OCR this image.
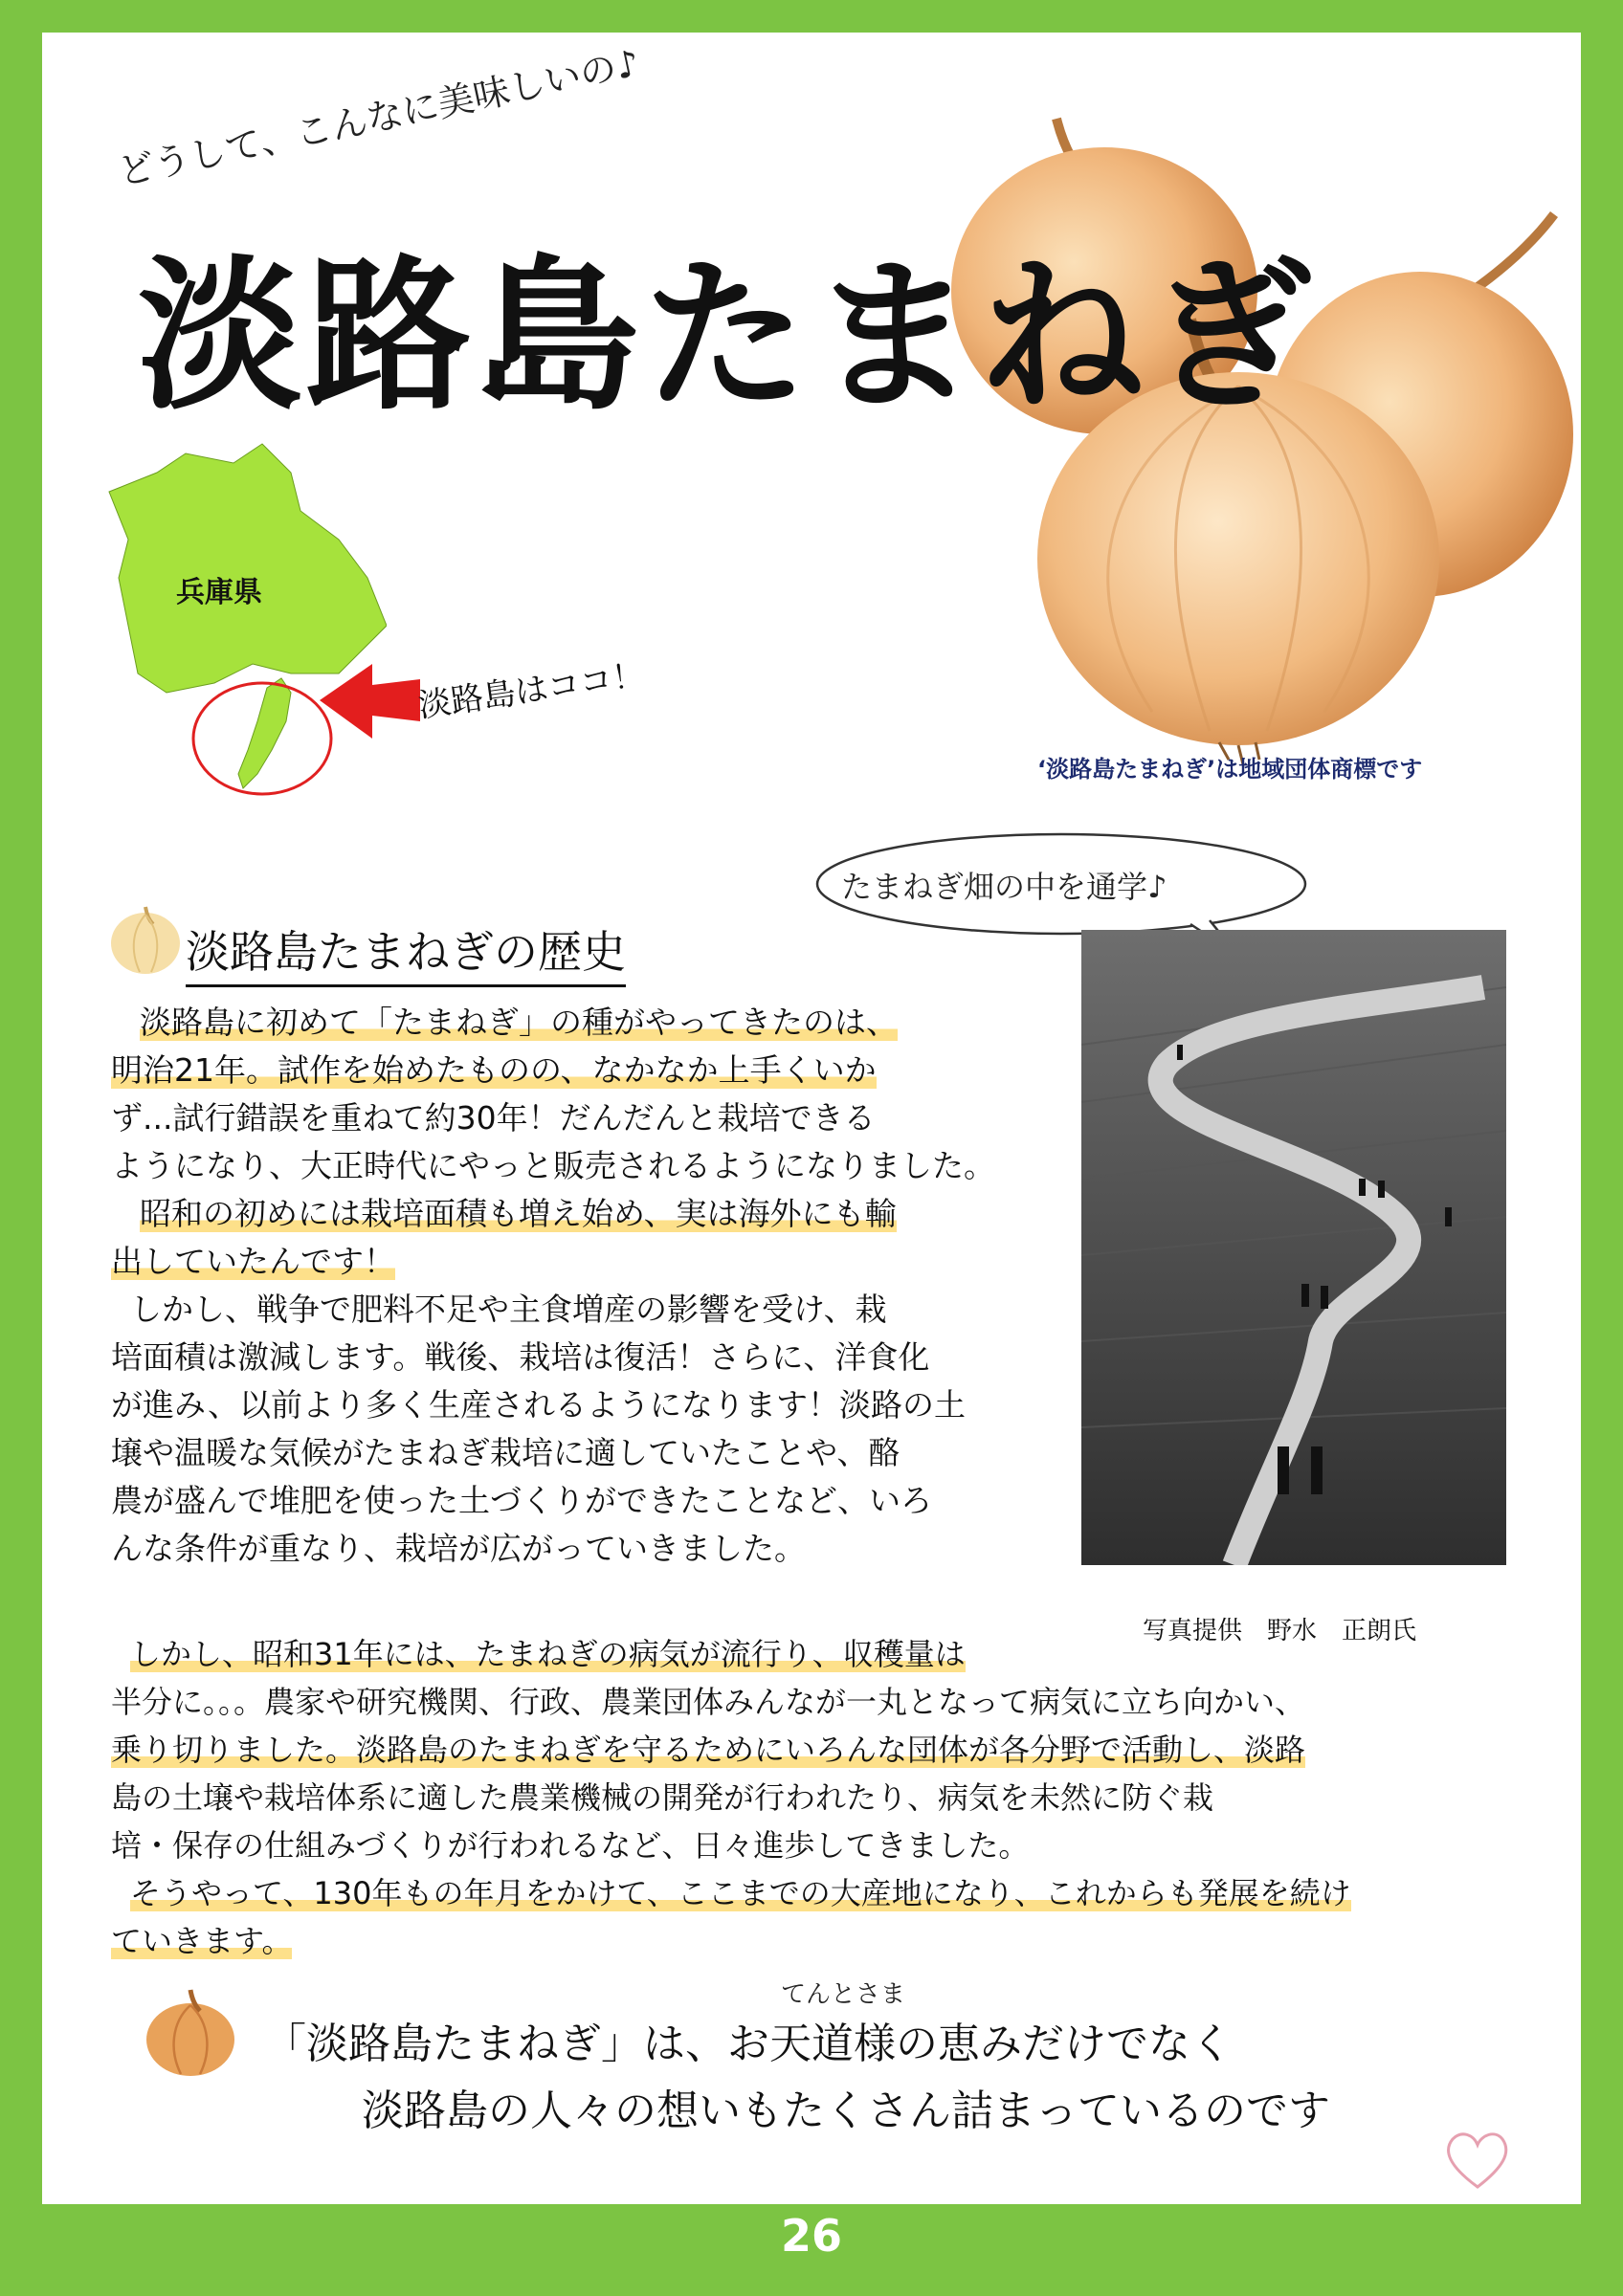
どうして、こんなに美味しいの♪
淡路島たまねぎ
‘淡路島たまねぎ’は地域団体商標です
兵庫県
淡路島はココ！
たまねぎ畑の中を通学♪
淡路島たまねぎの歴史
写真提供　野水　正朗氏
淡路島に初めて「たまねぎ」の種がやってきたのは、
明治21年。試作を始めたものの、なかなか上手くいか
ず...試行錯誤を重ねて約30年！だんだんと栽培できる
ようになり、大正時代にやっと販売されるようになりました。
昭和の初めには栽培面積も増え始め、実は海外にも輸
出していたんです！
しかし、戦争で肥料不足や主食増産の影響を受け、栽
培面積は激減します。戦後、栽培は復活！さらに、洋食化
が進み、以前より多く生産されるようになります！淡路の土
壌や温暖な気候がたまねぎ栽培に適していたことや、酪
農が盛んで堆肥を使った土づくりができたことなど、いろ
んな条件が重なり、栽培が広がっていきました。
しかし、昭和31年には、たまねぎの病気が流行り、収穫量は
半分に。。。農家や研究機関、行政、農業団体みんなが一丸となって病気に立ち向かい、
乗り切りました。淡路島のたまねぎを守るためにいろんな団体が各分野で活動し、淡路
島の土壌や栽培体系に適した農業機械の開発が行われたり、病気を未然に防ぐ栽
培・保存の仕組みづくりが行われるなど、日々進歩してきました。
そうやって、130年もの年月をかけて、ここまでの大産地になり、これからも発展を続け
ていきます。
てんとさま
「淡路島たまねぎ」は、お天道様の恵みだけでなく
淡路島の人々の想いもたくさん詰まっているのです
26
